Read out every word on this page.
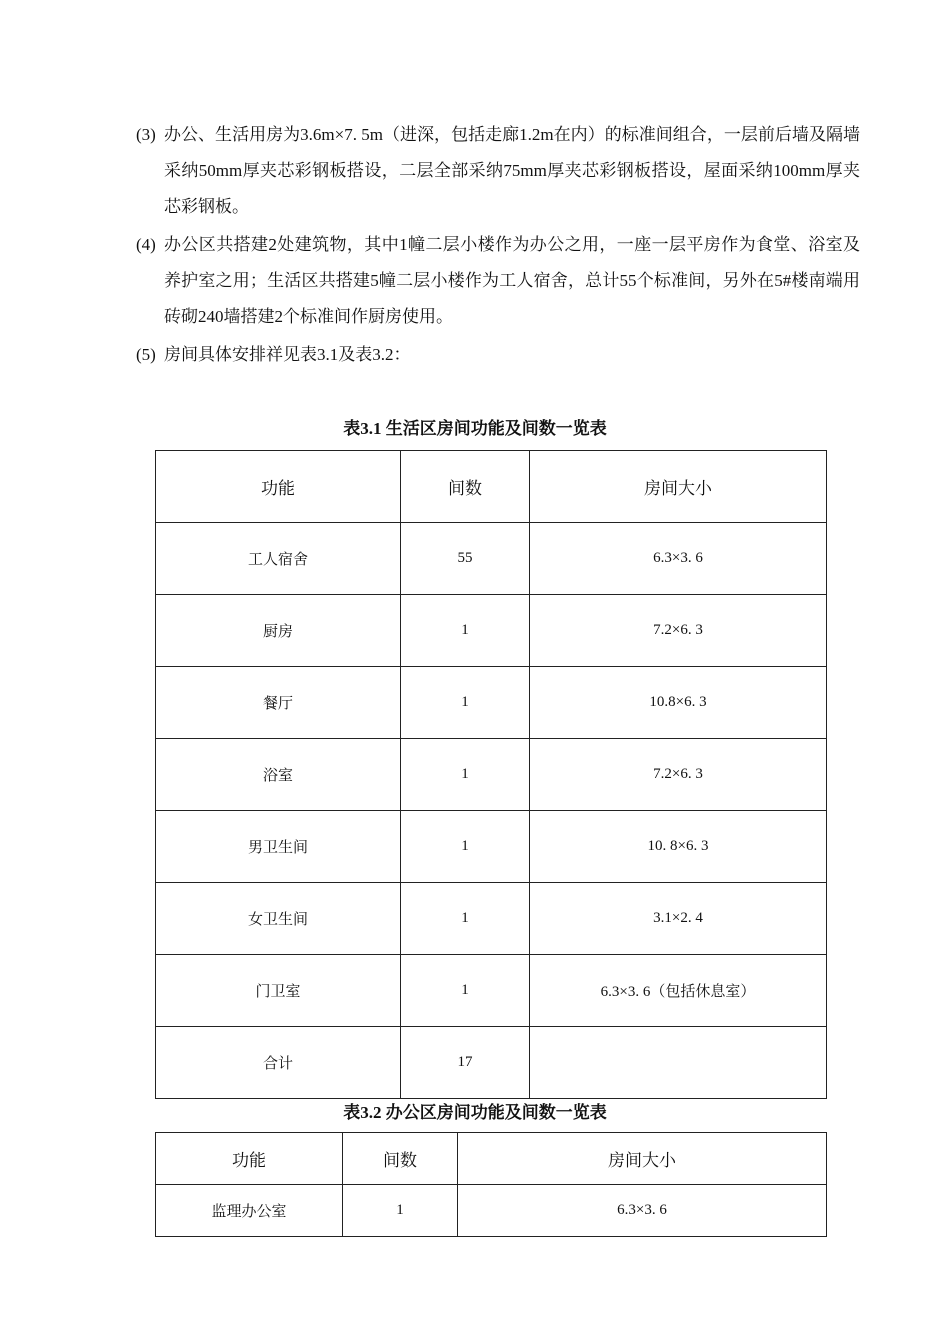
(3) 办公、生活用房为3.6m×7. 5m（进深，包括走廊1.2m在内）的标准间组合，一层前后墙及隔墙采纳50mm厚夹芯彩钢板搭设，二层全部采纳75mm厚夹芯彩钢板搭设，屋面采纳100mm厚夹芯彩钢板。
(4) 办公区共搭建2处建筑物，其中1幢二层小楼作为办公之用，一座一层平房作为食堂、浴室及养护室之用；生活区共搭建5幢二层小楼作为工人宿舍，总计55个标准间，另外在5#楼南端用砖砌240墙搭建2个标准间作厨房使用。
(5) 房间具体安排祥见表3.1及表3.2：
表3.1 生活区房间功能及间数一览表
功能	间数	房间大小
工人宿舍	55	6.3×3. 6
厨房	1	7.2×6. 3
餐厅	1	10.8×6. 3
浴室	1	7.2×6. 3
男卫生间	1	10. 8×6. 3
女卫生间	1	3.1×2. 4
门卫室	1	6.3×3. 6（包括休息室）
合计	17	
表3.2 办公区房间功能及间数一览表
功能	间数	房间大小
监理办公室	1	6.3×3. 6
